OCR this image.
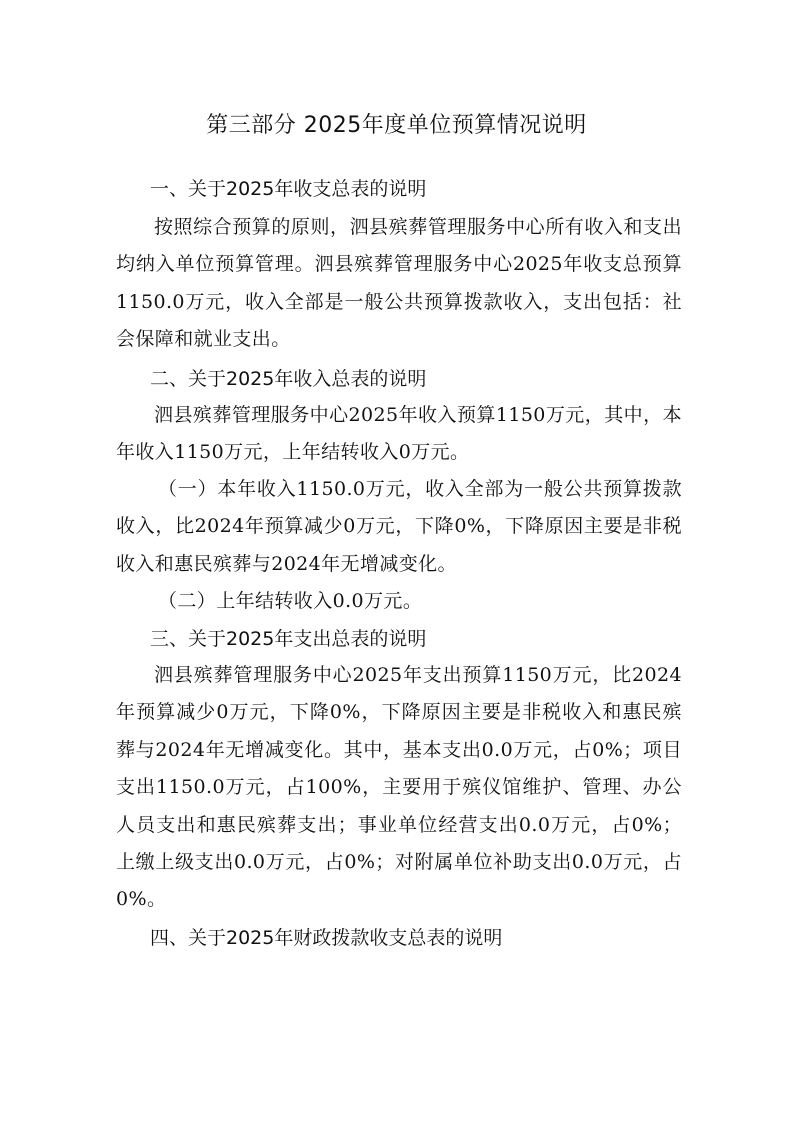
第三部分 2025年度单位预算情况说明
一、关于2025年收支总表的说明

按照综合预算的原则，泗县殡葬管理服务中心所有收入和支出均纳入单位预算管理。泗县殡葬管理服务中心2025年收支总预算1150.0万元，收入全部是一般公共预算拨款收入，支出包括：社会保障和就业支出。

二、关于2025年收入总表的说明

泗县殡葬管理服务中心2025年收入预算1150万元，其中，本年收入1150万元，上年结转收入0万元。

（一）本年收入1150.0万元，收入全部为一般公共预算拨款收入，比2024年预算减少0万元，下降0%，下降原因主要是非税收入和惠民殡葬与2024年无增减变化。

（二）上年结转收入0.0万元。

三、关于2025年支出总表的说明

泗县殡葬管理服务中心2025年支出预算1150万元，比2024年预算减少0万元，下降0%，下降原因主要是非税收入和惠民殡葬与2024年无增减变化。其中，基本支出0.0万元，占0%；项目支出1150.0万元，占100%，主要用于殡仪馆维护、管理、办公人员支出和惠民殡葬支出；事业单位经营支出0.0万元，占0%；上缴上级支出0.0万元，占0%；对附属单位补助支出0.0万元，占0%。

四、关于2025年财政拨款收支总表的说明
